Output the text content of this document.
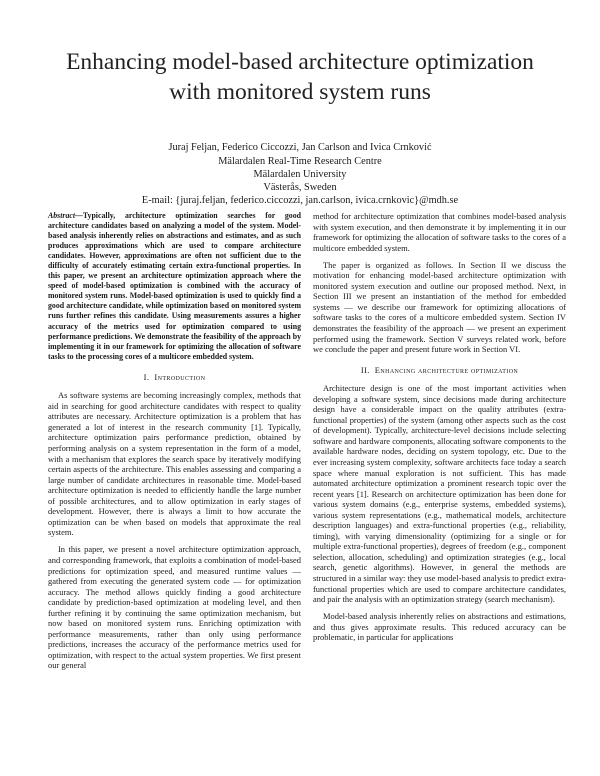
Enhancing model-based architecture optimization
with monitored system runs
Juraj Feljan, Federico Ciccozzi, Jan Carlson and Ivica Crnković
Mälardalen Real-Time Research Centre
Mälardalen University
Västerås, Sweden
E-mail: {juraj.feljan, federico.ciccozzi, jan.carlson, ivica.crnkovic}@mdh.se

Abstract—Typically, architecture optimization searches for good architecture candidates based on analyzing a model of the system. Model-based analysis inherently relies on abstractions and estimates, and as such produces approximations which are used to compare architecture candidates. However, approximations are often not sufficient due to the difficulty of accurately estimating certain extra-functional properties. In this paper, we present an architecture optimization approach where the speed of model-based optimization is combined with the accuracy of monitored system runs. Model-based optimization is used to quickly find a good architecture candidate, while optimization based on monitored system runs further refines this candidate. Using measurements assures a higher accuracy of the metrics used for optimization compared to using performance predictions. We demonstrate the feasibility of the approach by implementing it in our framework for optimizing the allocation of software tasks to the processing cores of a multicore embedded system.

I. Introduction

As software systems are becoming increasingly complex, methods that aid in searching for good architecture candidates with respect to quality attributes are necessary. Architecture optimization is a problem that has generated a lot of interest in the research community [1]. Typically, architecture optimization pairs performance prediction, obtained by performing analysis on a system representation in the form of a model, with a mechanism that explores the search space by iteratively modifying certain aspects of the architecture. This enables assessing and comparing a large number of candidate architectures in reasonable time. Model-based architecture optimization is needed to efficiently handle the large number of possible architectures, and to allow optimization in early stages of development. However, there is always a limit to how accurate the optimization can be when based on models that approximate the real system.

In this paper, we present a novel architecture optimization approach, and corresponding framework, that exploits a combination of model-based predictions for optimization speed, and measured runtime values — gathered from executing the generated system code — for optimization accuracy. The method allows quickly finding a good architecture candidate by prediction-based optimization at modeling level, and then further refining it by continuing the same optimization mechanism, but now based on monitored system runs. Enriching optimization with performance measurements, rather than only using performance predictions, increases the accuracy of the performance metrics used for optimization, with respect to the actual system properties. We first present our general

method for architecture optimization that combines model-based analysis with system execution, and then demonstrate it by implementing it in our framework for optimizing the allocation of software tasks to the cores of a multicore embedded system.

The paper is organized as follows. In Section II we discuss the motivation for enhancing model-based architecture optimization with monitored system execution and outline our proposed method. Next, in Section III we present an instantiation of the method for embedded systems — we describe our framework for optimizing allocations of software tasks to the cores of a multicore embedded system. Section IV demonstrates the feasibility of the approach — we present an experiment performed using the framework. Section V surveys related work, before we conclude the paper and present future work in Section VI.

II. Enhancing architecture optimization

Architecture design is one of the most important activities when developing a software system, since decisions made during architecture design have a considerable impact on the quality attributes (extra-functional properties) of the system (among other aspects such as the cost of development). Typically, architecture-level decisions include selecting software and hardware components, allocating software components to the available hardware nodes, deciding on system topology, etc. Due to the ever increasing system complexity, software architects face today a search space where manual exploration is not sufficient. This has made automated architecture optimization a prominent research topic over the recent years [1]. Research on architecture optimization has been done for various system domains (e.g., enterprise systems, embedded systems), various system representations (e.g., mathematical models, architecture description languages) and extra-functional properties (e.g., reliability, timing), with varying dimensionality (optimizing for a single or for multiple extra-functional properties), degrees of freedom (e.g., component selection, allocation, scheduling) and optimization strategies (e.g., local search, genetic algorithms). However, in general the methods are structured in a similar way: they use model-based analysis to predict extra-functional properties which are used to compare architecture candidates, and pair the analysis with an optimization strategy (search mechanism).

Model-based analysis inherently relies on abstractions and estimations, and thus gives approximate results. This reduced accuracy can be problematic, in particular for applications
